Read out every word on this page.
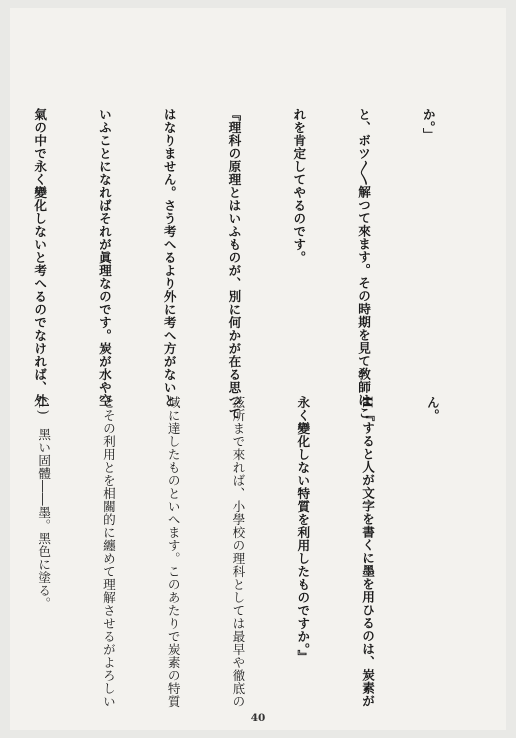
か。」

と、ボツ〳〵解つて來ます。その時期を見て敎師はこ

れを肯定してやるのです。

『理科の原理とはいふものが、別に何かが在る思つて

はなりません。さう考へるより外に考へ方がないと

いふことになればそれが眞理なのです。炭が水や空

氣の中で永く變化しないと考へるのでなければ、外

ん。

H『すると人が文字を書くに墨を用ひるのは、炭素が

永く變化しない特質を利用したものですか。』

茲所まで來れば、小學校の理科としては最早や徹底の

域に達したものといへます。このあたりで炭素の特質

とその利用とを相關的に纏めて理解させるがよろしい

(1)　黑い固體――墨。黑色に塗る。

40
